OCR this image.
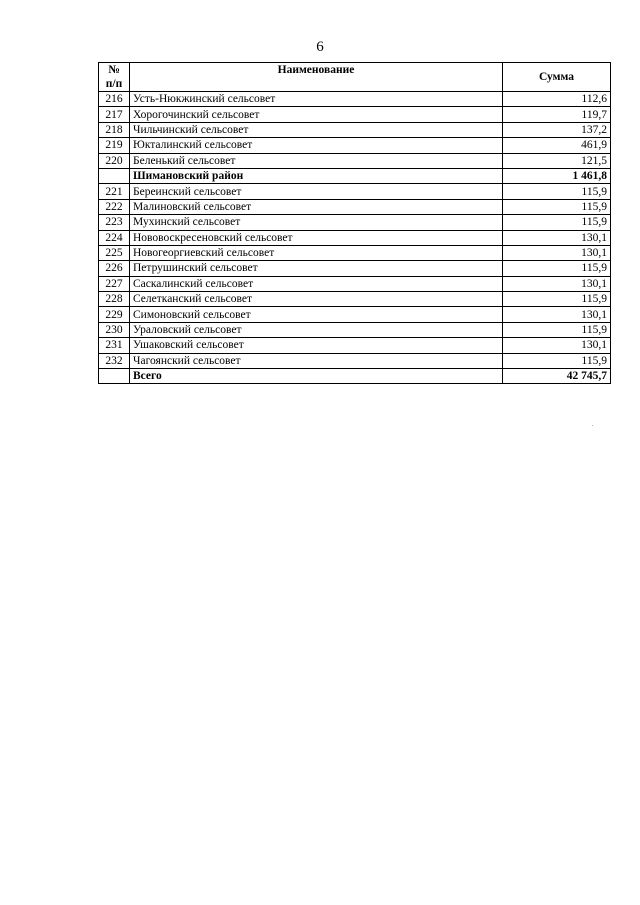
6
№
п/п	Наименование	Сумма
216	Усть-Нюкжинский сельсовет	112,6
217	Хорогочинский сельсовет	119,7
218	Чильчинский сельсовет	137,2
219	Юкталинский сельсовет	461,9
220	Беленький сельсовет	121,5
	Шимановский район	1 461,8
221	Береинский сельсовет	115,9
222	Малиновский сельсовет	115,9
223	Мухинский сельсовет	115,9
224	Нововоскресеновский сельсовет	130,1
225	Новогеоргиевский сельсовет	130,1
226	Петрушинский сельсовет	115,9
227	Саскалинский сельсовет	130,1
228	Селетканский сельсовет	115,9
229	Симоновский сельсовет	130,1
230	Ураловский сельсовет	115,9
231	Ушаковский сельсовет	130,1
232	Чагоянский сельсовет	115,9
	Всего	42 745,7
